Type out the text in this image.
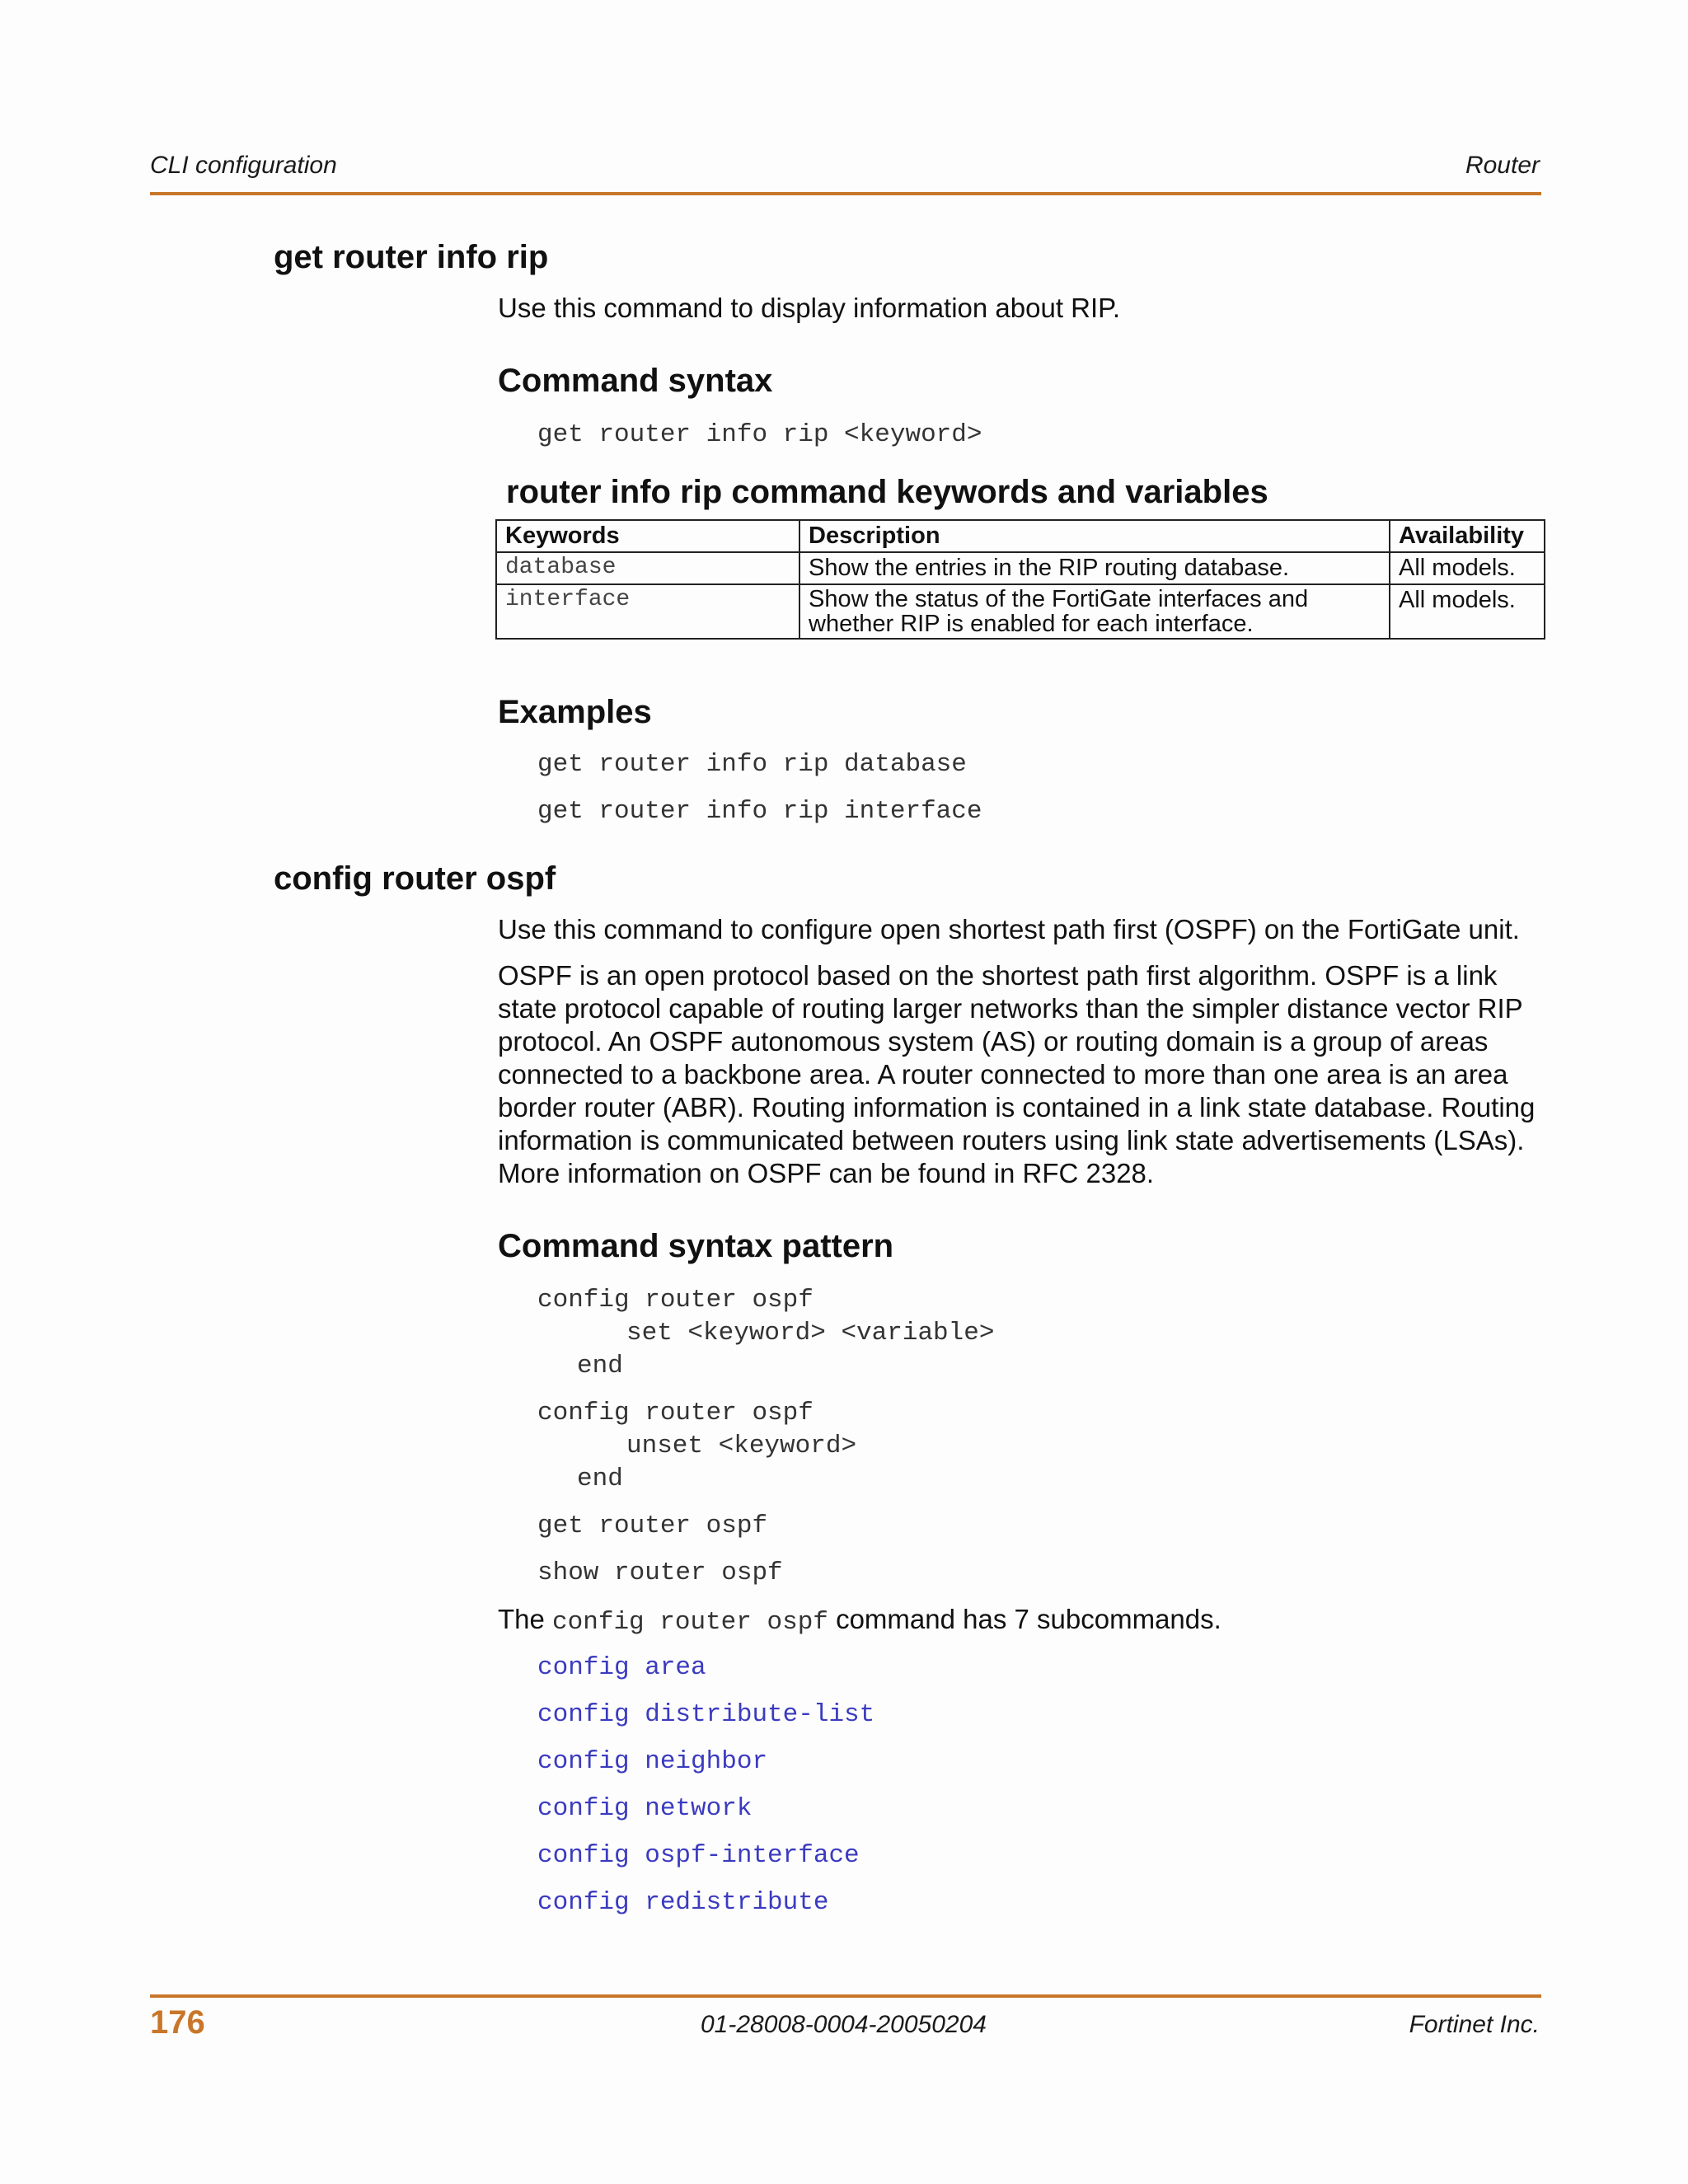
CLI configuration	Router
get router info rip
Use this command to display information about RIP.
Command syntax
get router info rip <keyword>
router info rip command keywords and variables
Keywords	Description	Availability
database	Show the entries in the RIP routing database.	All models.
interface	Show the status of the FortiGate interfaces and whether RIP is enabled for each interface.	All models.
Examples
get router info rip database
get router info rip interface
config router ospf
Use this command to configure open shortest path first (OSPF) on the FortiGate unit.
OSPF is an open protocol based on the shortest path first algorithm. OSPF is a link state protocol capable of routing larger networks than the simpler distance vector RIP protocol. An OSPF autonomous system (AS) or routing domain is a group of areas connected to a backbone area. A router connected to more than one area is an area border router (ABR). Routing information is contained in a link state database. Routing information is communicated between routers using link state advertisements (LSAs). More information on OSPF can be found in RFC 2328.
Command syntax pattern
config router ospf
set <keyword> <variable>
end
config router ospf
unset <keyword>
end
get router ospf
show router ospf
The config router ospf command has 7 subcommands.
config area
config distribute-list
config neighbor
config network
config ospf-interface
config redistribute
176	01-28008-0004-20050204	Fortinet Inc.
